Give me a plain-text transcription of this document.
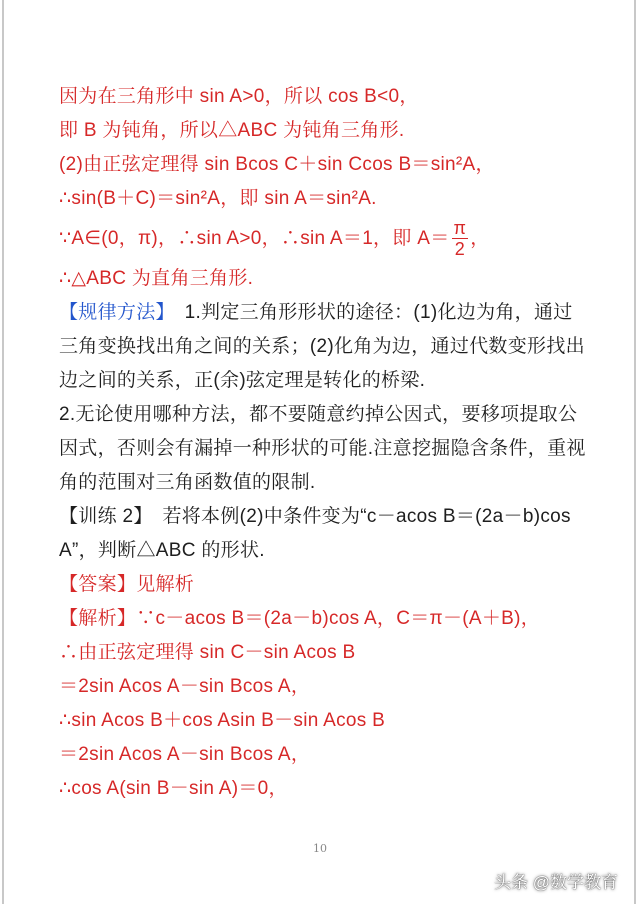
因为在三角形中 sin A>0，所以 cos B<0，
即 B 为钝角，所以△ABC 为钝角三角形.
(2)由正弦定理得 sin Bcos C＋sin Ccos B＝sin²A，
∴sin(B＋C)＝sin²A，即 sin A＝sin²A.
∵A∈(0，π)，∴sin A>0，∴sin A＝1，即 $A= \frac{\pi}{2}$ ，
∴△ABC 为直角三角形.
【规律方法】　1.判定三角形形状的途径：(1)化边为角，通过
三角变换找出角之间的关系；(2)化角为边，通过代数变形找出
边之间的关系，正(余)弦定理是转化的桥梁.
2.无论使用哪种方法，都不要随意约掉公因式，要移项提取公
因式，否则会有漏掉一种形状的可能.注意挖掘隐含条件，重视
角的范围对三角函数值的限制.
【训练 2】　若将本例(2)中条件变为“c－acos B＝(2a－b)cos
A”，判断△ABC 的形状.
【答案】见解析
【解析】∵c－acos B＝(2a－b)cos A，C＝π－(A＋B)，
∴由正弦定理得 sin C－sin Acos B
＝2sin Acos A－sin Bcos A，
∴sin Acos B＋cos Asin B－sin Acos B
＝2sin Acos A－sin Bcos A，
∴cos A(sin B－sin A)＝0，
10
头条 @数学教育
